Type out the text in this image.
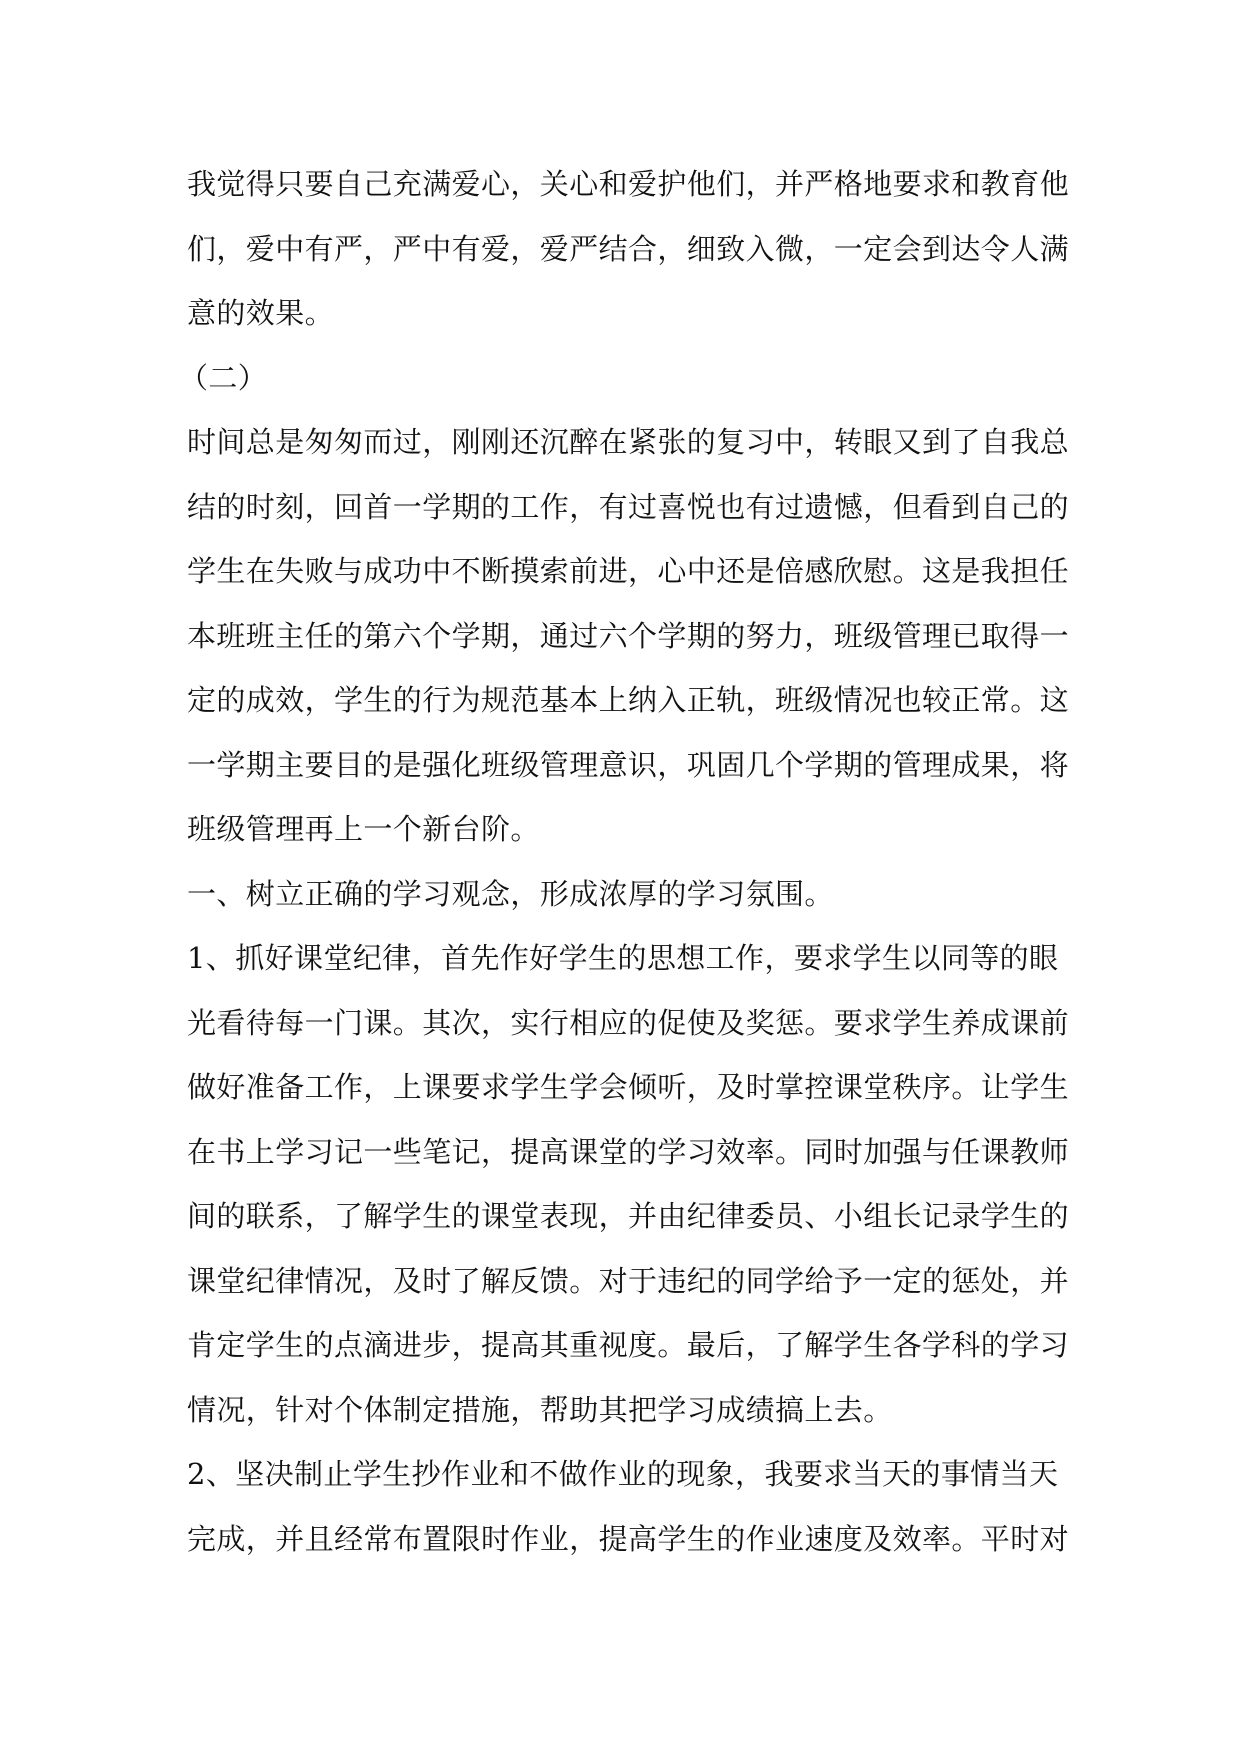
我觉得只要自己充满爱心，关心和爱护他们，并严格地要求和教育他
们，爱中有严，严中有爱，爱严结合，细致入微，一定会到达令人满
意的效果。
（二）
时间总是匆匆而过，刚刚还沉醉在紧张的复习中，转眼又到了自我总
结的时刻，回首一学期的工作，有过喜悦也有过遗憾，但看到自己的
学生在失败与成功中不断摸索前进，心中还是倍感欣慰。这是我担任
本班班主任的第六个学期，通过六个学期的努力，班级管理已取得一
定的成效，学生的行为规范基本上纳入正轨，班级情况也较正常。这
一学期主要目的是强化班级管理意识，巩固几个学期的管理成果，将
班级管理再上一个新台阶。
一、树立正确的学习观念，形成浓厚的学习氛围。
1、抓好课堂纪律，首先作好学生的思想工作，要求学生以同等的眼
光看待每一门课。其次，实行相应的促使及奖惩。要求学生养成课前
做好准备工作，上课要求学生学会倾听，及时掌控课堂秩序。让学生
在书上学习记一些笔记，提高课堂的学习效率。同时加强与任课教师
间的联系，了解学生的课堂表现，并由纪律委员、小组长记录学生的
课堂纪律情况，及时了解反馈。对于违纪的同学给予一定的惩处，并
肯定学生的点滴进步，提高其重视度。最后，了解学生各学科的学习
情况，针对个体制定措施，帮助其把学习成绩搞上去。
2、坚决制止学生抄作业和不做作业的现象，我要求当天的事情当天
完成，并且经常布置限时作业，提高学生的作业速度及效率。平时对
